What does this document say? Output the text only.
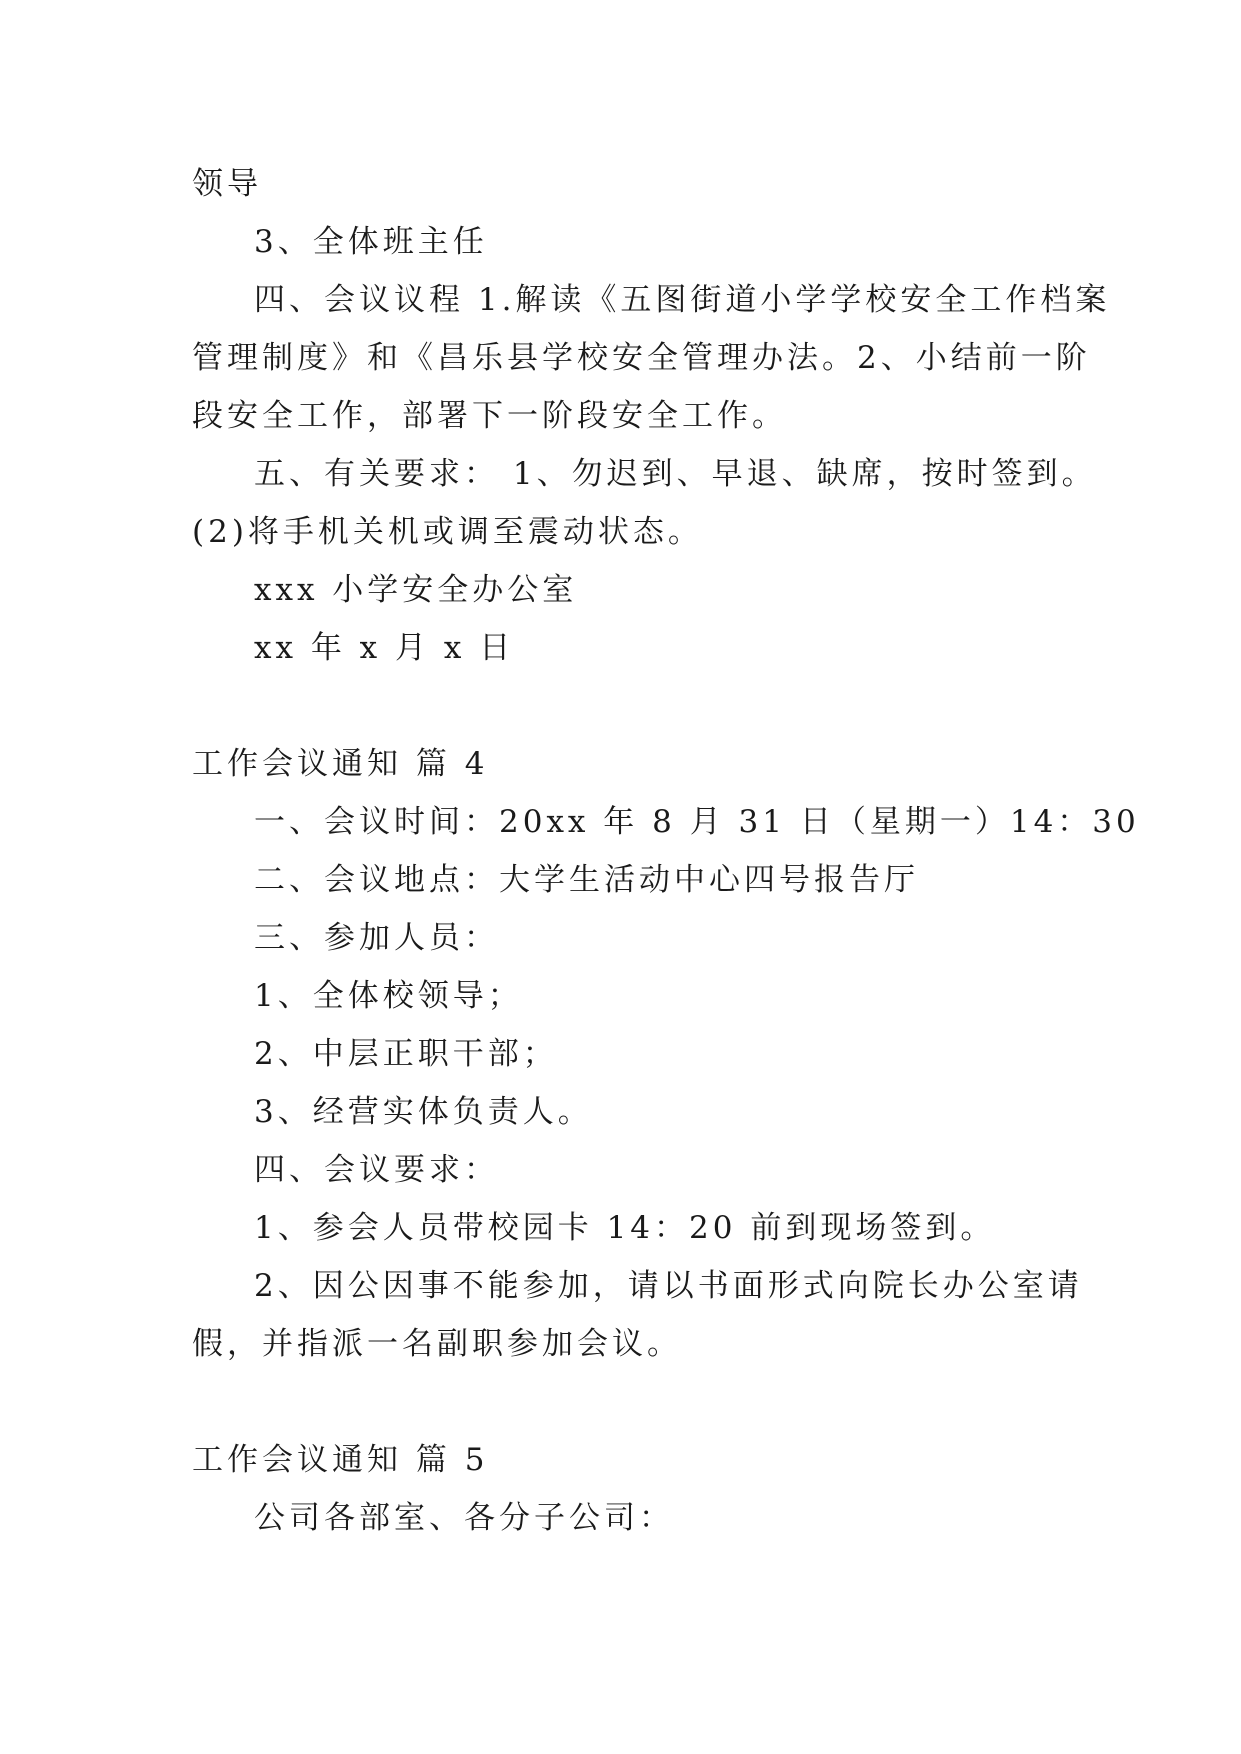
领导
3、全体班主任
四、会议议程 1.解读《五图街道小学学校安全工作档案
管理制度》和《昌乐县学校安全管理办法。2、小结前一阶
段安全工作，部署下一阶段安全工作。
五、有关要求： 1、勿迟到、早退、缺席，按时签到。
(2)将手机关机或调至震动状态。
xxx 小学安全办公室
xx 年 x 月 x 日
工作会议通知 篇 4
一、会议时间：20xx 年 8 月 31 日（星期一）14：30
二、会议地点：大学生活动中心四号报告厅
三、参加人员：
1、全体校领导；
2、中层正职干部；
3、经营实体负责人。
四、会议要求：
1、参会人员带校园卡 14：20 前到现场签到。
2、因公因事不能参加，请以书面形式向院长办公室请
假，并指派一名副职参加会议。
工作会议通知 篇 5
公司各部室、各分子公司：
